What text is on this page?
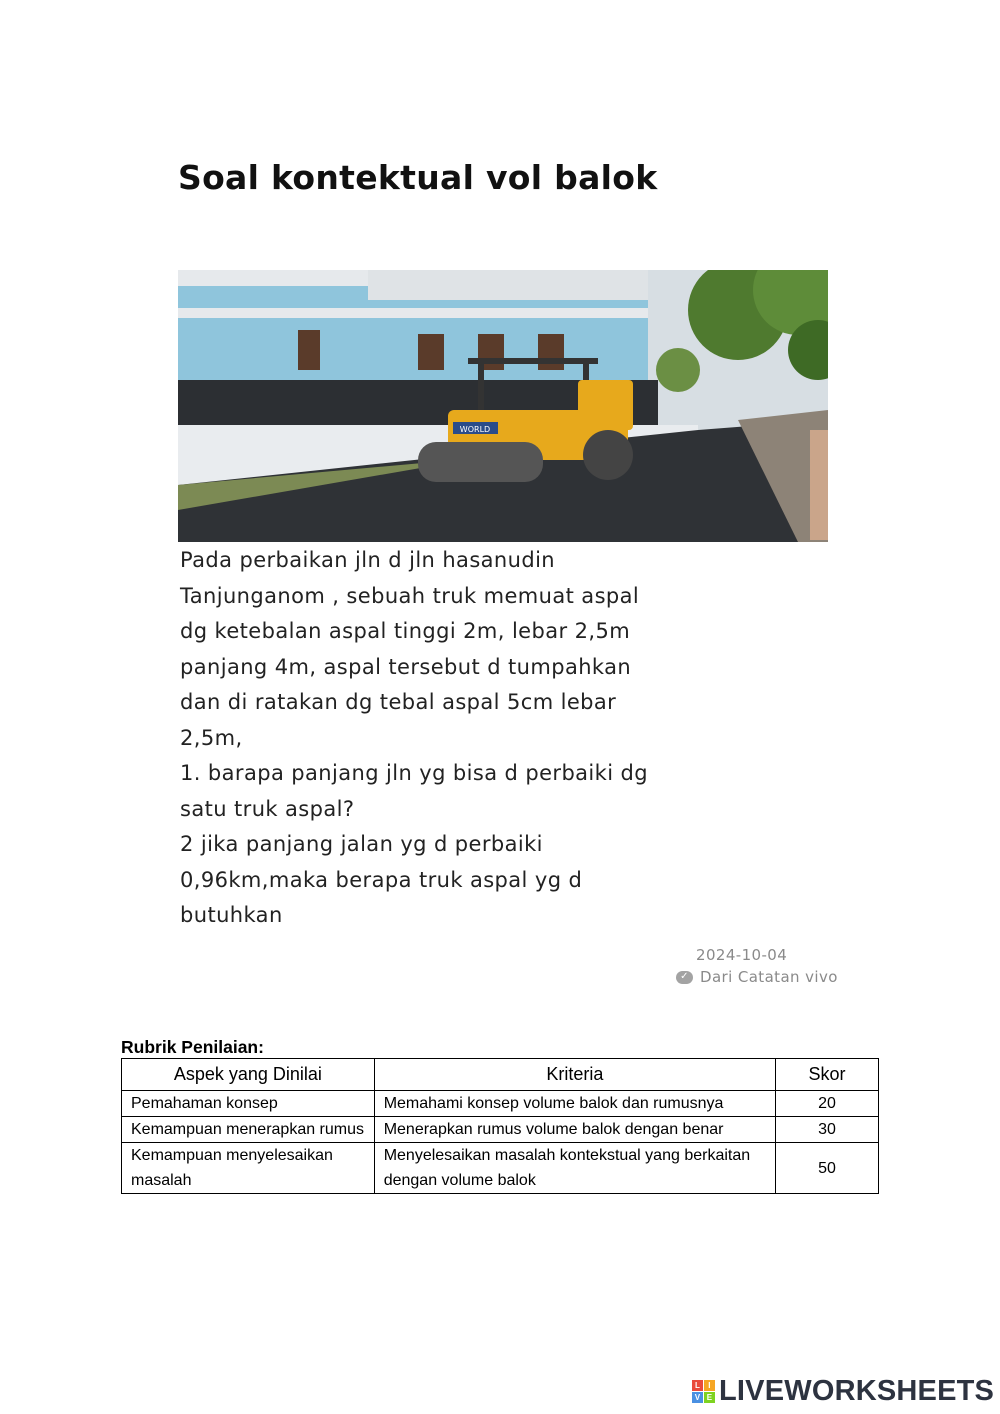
Soal kontektual vol balok
WORLD
Pada perbaikan jln d jln hasanudin
Tanjunganom , sebuah truk memuat aspal
dg ketebalan aspal tinggi 2m, lebar 2,5m
panjang 4m, aspal tersebut d tumpahkan
dan di ratakan dg tebal aspal 5cm lebar
2,5m,
1. barapa panjang jln yg bisa d perbaiki dg
satu truk aspal?
2 jika panjang jalan yg d perbaiki
0,96km,maka berapa truk aspal yg d
butuhkan
2024-10-04
✓ Dari Catatan vivo
Rubrik Penilaian:
Aspek yang Dinilai	Kriteria	Skor
Pemahaman konsep	Memahami konsep volume balok dan rumusnya	20
Kemampuan menerapkan rumus	Menerapkan rumus volume balok dengan benar	30
Kemampuan menyelesaikan masalah	Menyelesaikan masalah kontekstual yang berkaitan dengan volume balok	50
L	I
V E LIVEWORKSHEETS
